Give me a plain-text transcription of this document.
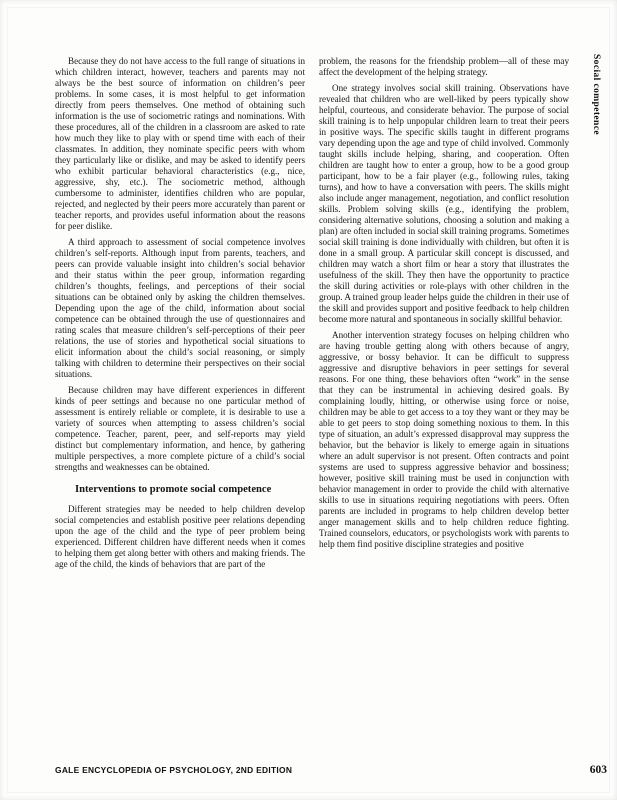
Social competence

Because they do not have access to the full range of situations in which children interact, however, teachers and parents may not always be the best source of information on children’s peer problems. In some cases, it is most helpful to get information directly from peers themselves. One method of obtaining such information is the use of sociometric ratings and nominations. With these procedures, all of the children in a classroom are asked to rate how much they like to play with or spend time with each of their classmates. In addition, they nominate specific peers with whom they particularly like or dislike, and may be asked to identify peers who exhibit particular behavioral characteristics (e.g., nice, aggressive, shy, etc.). The sociometric method, although cumbersome to administer, identifies children who are popular, rejected, and neglected by their peers more accurately than parent or teacher reports, and provides useful information about the reasons for peer dislike.

A third approach to assessment of social competence involves children’s self-reports. Although input from parents, teachers, and peers can provide valuable insight into children’s social behavior and their status within the peer group, information regarding children’s thoughts, feelings, and perceptions of their social situations can be obtained only by asking the children themselves. Depending upon the age of the child, information about social competence can be obtained through the use of questionnaires and rating scales that measure children’s self-perceptions of their peer relations, the use of stories and hypothetical social situations to elicit information about the child’s social reasoning, or simply talking with children to determine their perspectives on their social situations.

Because children may have different experiences in different kinds of peer settings and because no one particular method of assessment is entirely reliable or complete, it is desirable to use a variety of sources when attempting to assess children’s social competence. Teacher, parent, peer, and self-reports may yield distinct but complementary information, and hence, by gathering multiple perspectives, a more complete picture of a child’s social strengths and weaknesses can be obtained.

Interventions to promote social competence

Different strategies may be needed to help children develop social competencies and establish positive peer relations depending upon the age of the child and the type of peer problem being experienced. Different children have different needs when it comes to helping them get along better with others and making friends. The age of the child, the kinds of behaviors that are part of the

problem, the reasons for the friendship problem—all of these may affect the development of the helping strategy.

One strategy involves social skill training. Observations have revealed that children who are well-liked by peers typically show helpful, courteous, and considerate behavior. The purpose of social skill training is to help unpopular children learn to treat their peers in positive ways. The specific skills taught in different programs vary depending upon the age and type of child involved. Commonly taught skills include helping, sharing, and cooperation. Often children are taught how to enter a group, how to be a good group participant, how to be a fair player (e.g., following rules, taking turns), and how to have a conversation with peers. The skills might also include anger management, negotiation, and conflict resolution skills. Problem solving skills (e.g., identifying the problem, considering alternative solutions, choosing a solution and making a plan) are often included in social skill training programs. Sometimes social skill training is done individually with children, but often it is done in a small group. A particular skill concept is discussed, and children may watch a short film or hear a story that illustrates the usefulness of the skill. They then have the opportunity to practice the skill during activities or role-plays with other children in the group. A trained group leader helps guide the children in their use of the skill and provides support and positive feedback to help children become more natural and spontaneous in socially skillful behavior.

Another intervention strategy focuses on helping children who are having trouble getting along with others because of angry, aggressive, or bossy behavior. It can be difficult to suppress aggressive and disruptive behaviors in peer settings for several reasons. For one thing, these behaviors often “work” in the sense that they can be instrumental in achieving desired goals. By complaining loudly, hitting, or otherwise using force or noise, children may be able to get access to a toy they want or they may be able to get peers to stop doing something noxious to them. In this type of situation, an adult’s expressed disapproval may suppress the behavior, but the behavior is likely to emerge again in situations where an adult supervisor is not present. Often contracts and point systems are used to suppress aggressive behavior and bossiness; however, positive skill training must be used in conjunction with behavior management in order to provide the child with alternative skills to use in situations requiring negotiations with peers. Often parents are included in programs to help children develop better anger management skills and to help children reduce fighting. Trained counselors, educators, or psychologists work with parents to help them find positive discipline strategies and positive

GALE ENCYCLOPEDIA OF PSYCHOLOGY, 2ND EDITION	603
